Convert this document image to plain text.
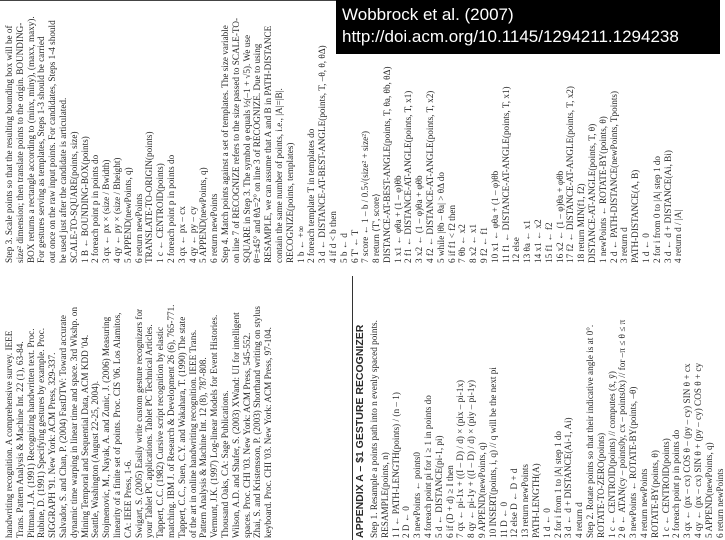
handwriting recognition. A comprehensive survey. IEEE Trans. Pattern Analysis & Machine Int. 22 (1), 63-84. Pittman, J.A. (1991) Recognizing handwritten text. Proc. Rubine, D. (1991) Specifying gestures by example. Proc. SIGGRAPH '91. New York: ACM Press, 329-337. Salvador, S. and Chan, P. (2004) FastDTW: Toward accurate dynamic time warping in linear time and space. 3rd Wkshp. on Mining Temporal and Sequential Data, ACM KDD '04. Seattle, Washington (August 22-25, 2004). Stojmenovic, M., Nayak, A. and Zunic, J. (2006) Measuring linearity of a finite set of points. Proc. CIS '06. Los Alamitos, CA: IEEE Press, 1-6. Swigart, S. (2005) Easily write custom gesture recognizers for your Tablet PC applications. Tablet PC Technical Articles. Tappert, C.C. (1982) Cursive script recognition by elastic matching. IBM J. of Research & Development 26 (6), 765-771. Tappert, C.C., Suen, C.Y. and Wakahara, T. (1990) The state of the art in online handwriting recognition. IEEE Trans. Pattern Analysis & Machine Int. 12 (8), 787-808. Vermunt, J.K. (1997) Log-linear Models for Event Histories. Thousand Oaks, CA: Sage Publications. Wilson, A.D. and Shafer, S. (2003) XWand: UI for intelligent spaces. Proc. CHI '03. New York: ACM Press, 545-552. Zhai, S. and Kristensson, P. (2003) Shorthand writing on stylus keyboard. Proc. CHI '03. New York: ACM Press, 97-104.	APPENDIX A – $1 GESTURE RECOGNIZER Step 1. Resample a points path into n evenly spaced points. RESAMPLE(points, n) 1 I ← PATH-LENGTH(points) / (n – 1) 2 D ← 0 3 newPoints ← points0 4 foreach point pi for i ≥ 1 in points do 5 d ← DISTANCE(pi-1, pi) 6 if (D + d) ≥ I then 7 qx ← pi-1x + ((I – D) / d) × (pix – pi-1x) 8 qy ← pi-1y + ((I – D) / d) × (piy – pi-1y) 9 APPEND(newPoints, q) 10 INSERT(points, i, q) // q will be the next pi 11 D ← 0 12 else D ← D + d 13 return newPoints PATH-LENGTH(A) 1 d ← 0 2 for i from 1 to |A| step 1 do 3 d ← d + DISTANCE(Ai-1, Ai) 4 return d Step 2. Rotate points so that their indicative angle is at 0°. ROTATE-TO-ZERO(points) 1 c ← CENTROID(points) // computes (x̄, ȳ) 2 θ ← ATAN(cy – points0y, cx – points0x) // for –π ≤ θ ≤ π 3 newPoints ← ROTATE-BY(points, –θ) 4 return newPoints ROTATE-BY(points, θ) 1 c ← CENTROID(points) 2 foreach point p in points do 3 qx ← (px – cx) COS θ – (py – cy) SIN θ + cx 4 qy ← (px – cx) SIN θ + (py – cy) COS θ + cy 5 APPEND(newPoints, q) 6 return newPoints
Step 3. Scale points so that the resulting bounding box will be of size² dimension; then translate points to the origin. BOUNDING- BOX returns a rectangle according to (minx, miny), (maxx, maxy). For gestures serving as templates, Steps 1-3 should be carried out once on the raw input points. For candidates, Steps 1-4 should be used just after the candidate is articulated. SCALE-TO-SQUARE(points, size) 1 B ← BOUNDING-BOX(points) 2 foreach point p in points do 3 qx ← px × (size / Bwidth) 4 qy ← py × (size / Bheight) 5 APPEND(newPoints, q) 6 return newPoints TRANSLATE-TO-ORIGIN(points) 1 c ← CENTROID(points) 2 foreach point p in points do 3 qx ← px – cx 4 qy ← py – cy 5 APPEND(newPoints, q) 6 return newPoints Step 4. Match points against a set of templates. The size variable on line 7 of RECOGNIZE refers to the size passed to SCALE-TO- SQUARE in Step 3. The symbol φ equals ½(–1 + √5). We use θ=±45° and θΔ=2° on line 3 of RECOGNIZE. Due to using RESAMPLE, we can assume that A and B in PATH-DISTANCE contain the same number of points, i.e., |A|=|B|. RECOGNIZE(points, templates) 1 b ← +∞ 2 foreach template T in templates do 3 d ← DISTANCE-AT-BEST-ANGLE(points, T, –θ, θ, θΔ) 4 if d < b then 5 b ← d 6 T' ← T 7 score ← 1 – b / 0.5√(size² + size²) 8 return ⟨T', score⟩ DISTANCE-AT-BEST-ANGLE(points, T, θa, θb, θΔ) 1 x1 ← φθa + (1 – φ)θb 2 f1 ← DISTANCE-AT-ANGLE(points, T, x1) 3 x2 ← (1 – φ)θa + φθb 4 f2 ← DISTANCE-AT-ANGLE(points, T, x2) 5 while |θb – θa| > θΔ do 6 if f1 < f2 then 7 θb ← x2 8 x2 ← x1 9 f2 ← f1 10 x1 ← φθa + (1 – φ)θb 11 f1 ← DISTANCE-AT-ANGLE(points, T, x1) 12 else 13 θa ← x1 14 x1 ← x2 15 f1 ← f2 16 x2 ← (1 – φ)θa + φθb 17 f2 ← DISTANCE-AT-ANGLE(points, T, x2) 18 return MIN(f1, f2) DISTANCE-AT-ANGLE(points, T, θ) 1 newPoints ← ROTATE-BY(points, θ) 2 d ← PATH-DISTANCE(newPoints, Tpoints) 3 return d PATH-DISTANCE(A, B) 1 d ← 0 2 for i from 0 to |A| step 1 do 3 d ← d + DISTANCE(Ai, Bi) 4 return d / |A|
Wobbrock et al. (2007)
http://doi.acm.org/10.1145/1294211.1294238
